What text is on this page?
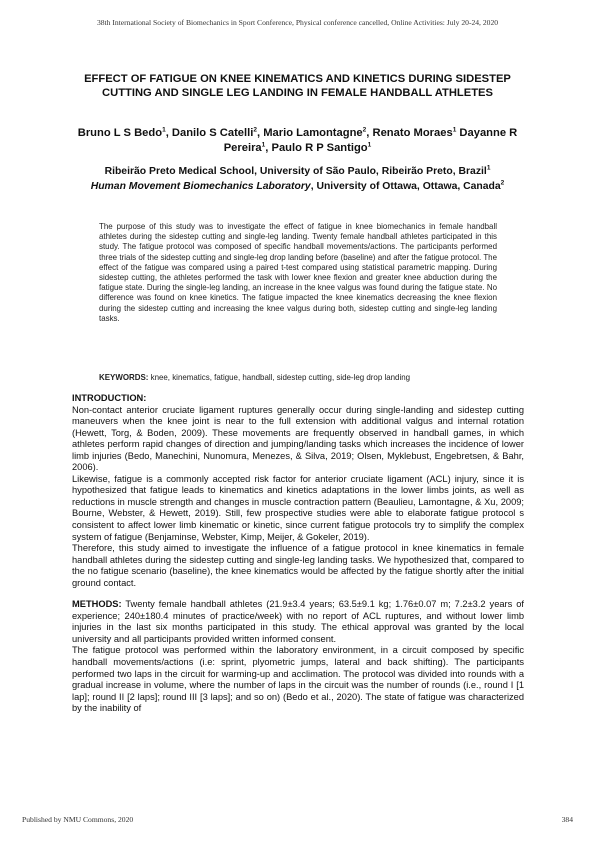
38th International Society of Biomechanics in Sport Conference, Physical conference cancelled, Online Activities: July 20-24, 2020
EFFECT OF FATIGUE ON KNEE KINEMATICS AND KINETICS DURING SIDESTEP CUTTING AND SINGLE LEG LANDING IN FEMALE HANDBALL ATHLETES
Bruno L S Bedo$^1$, Danilo S Catelli$^2$, Mario Lamontagne$^2$, Renato Moraes$^1$ Dayanne R Pereira$^1$, Paulo R P Santigo$^1$
Ribeirão Preto Medical School, University of São Paulo, Ribeirão Preto, Brazil$^1$
Human Movement Biomechanics Laboratory, University of Ottawa, Ottawa, Canada$^2$
The purpose of this study was to investigate the effect of fatigue in knee biomechanics in female handball athletes during the sidestep cutting and single-leg landing. Twenty female handball athletes participated in this study. The fatigue protocol was composed of specific handball movements/actions. The participants performed three trials of the sidestep cutting and single-leg drop landing before (baseline) and after the fatigue protocol. The effect of the fatigue was compared using a paired t-test compared using statistical parametric mapping. During sidestep cutting, the athletes performed the task with lower knee flexion and greater knee abduction during the fatigue state. During the single-leg landing, an increase in the knee valgus was found during the fatigue state. No difference was found on knee kinetics. The fatigue impacted the knee kinematics decreasing the knee flexion during the sidestep cutting and increasing the knee valgus during both, sidestep cutting and single-leg landing tasks.
KEYWORDS: knee, kinematics, fatigue, handball, sidestep cutting, side-leg drop landing

INTRODUCTION:

Non-contact anterior cruciate ligament ruptures generally occur during single-landing and sidestep cutting maneuvers when the knee joint is near to the full extension with additional valgus and internal rotation (Hewett, Torg, & Boden, 2009). These movements are frequently observed in handball games, in which athletes perform rapid changes of direction and jumping/landing tasks which increases the incidence of lower limb injuries (Bedo, Manechini, Nunomura, Menezes, & Silva, 2019; Olsen, Myklebust, Engebretsen, & Bahr, 2006).

Likewise, fatigue is a commonly accepted risk factor for anterior cruciate ligament (ACL) injury, since it is hypothesized that fatigue leads to kinematics and kinetics adaptations in the lower limbs joints, as well as reductions in muscle strength and changes in muscle contraction pattern (Beaulieu, Lamontagne, & Xu, 2009; Bourne, Webster, & Hewett, 2019). Still, few prospective studies were able to elaborate fatigue protocol s consistent to affect lower limb kinematic or kinetic, since current fatigue protocols try to simplify the complex system of fatigue (Benjaminse, Webster, Kimp, Meijer, & Gokeler, 2019).

Therefore, this study aimed to investigate the influence of a fatigue protocol in knee kinematics in female handball athletes during the sidestep cutting and single-leg landing tasks. We hypothesized that, compared to the no fatigue scenario (baseline), the knee kinematics would be affected by the fatigue shortly after the initial ground contact.

METHODS: Twenty female handball athletes (21.9±3.4 years; 63.5±9.1 kg; 1.76±0.07 m; 7.2±3.2 years of experience; 240±180.4 minutes of practice/week) with no report of ACL ruptures, and without lower limb injuries in the last six months participated in this study. The ethical approval was granted by the local university and all participants provided written informed consent.

The fatigue protocol was performed within the laboratory environment, in a circuit composed by specific handball movements/actions (i.e: sprint, plyometric jumps, lateral and back shifting). The participants performed two laps in the circuit for warming-up and acclimation. The protocol was divided into rounds with a gradual increase in volume, where the number of laps in the circuit was the number of rounds (i.e., round I [1 lap]; round II [2 laps]; round III [3 laps]; and so on) (Bedo et al., 2020). The state of fatigue was characterized by the inability of

Published by NMU Commons, 2020	384
